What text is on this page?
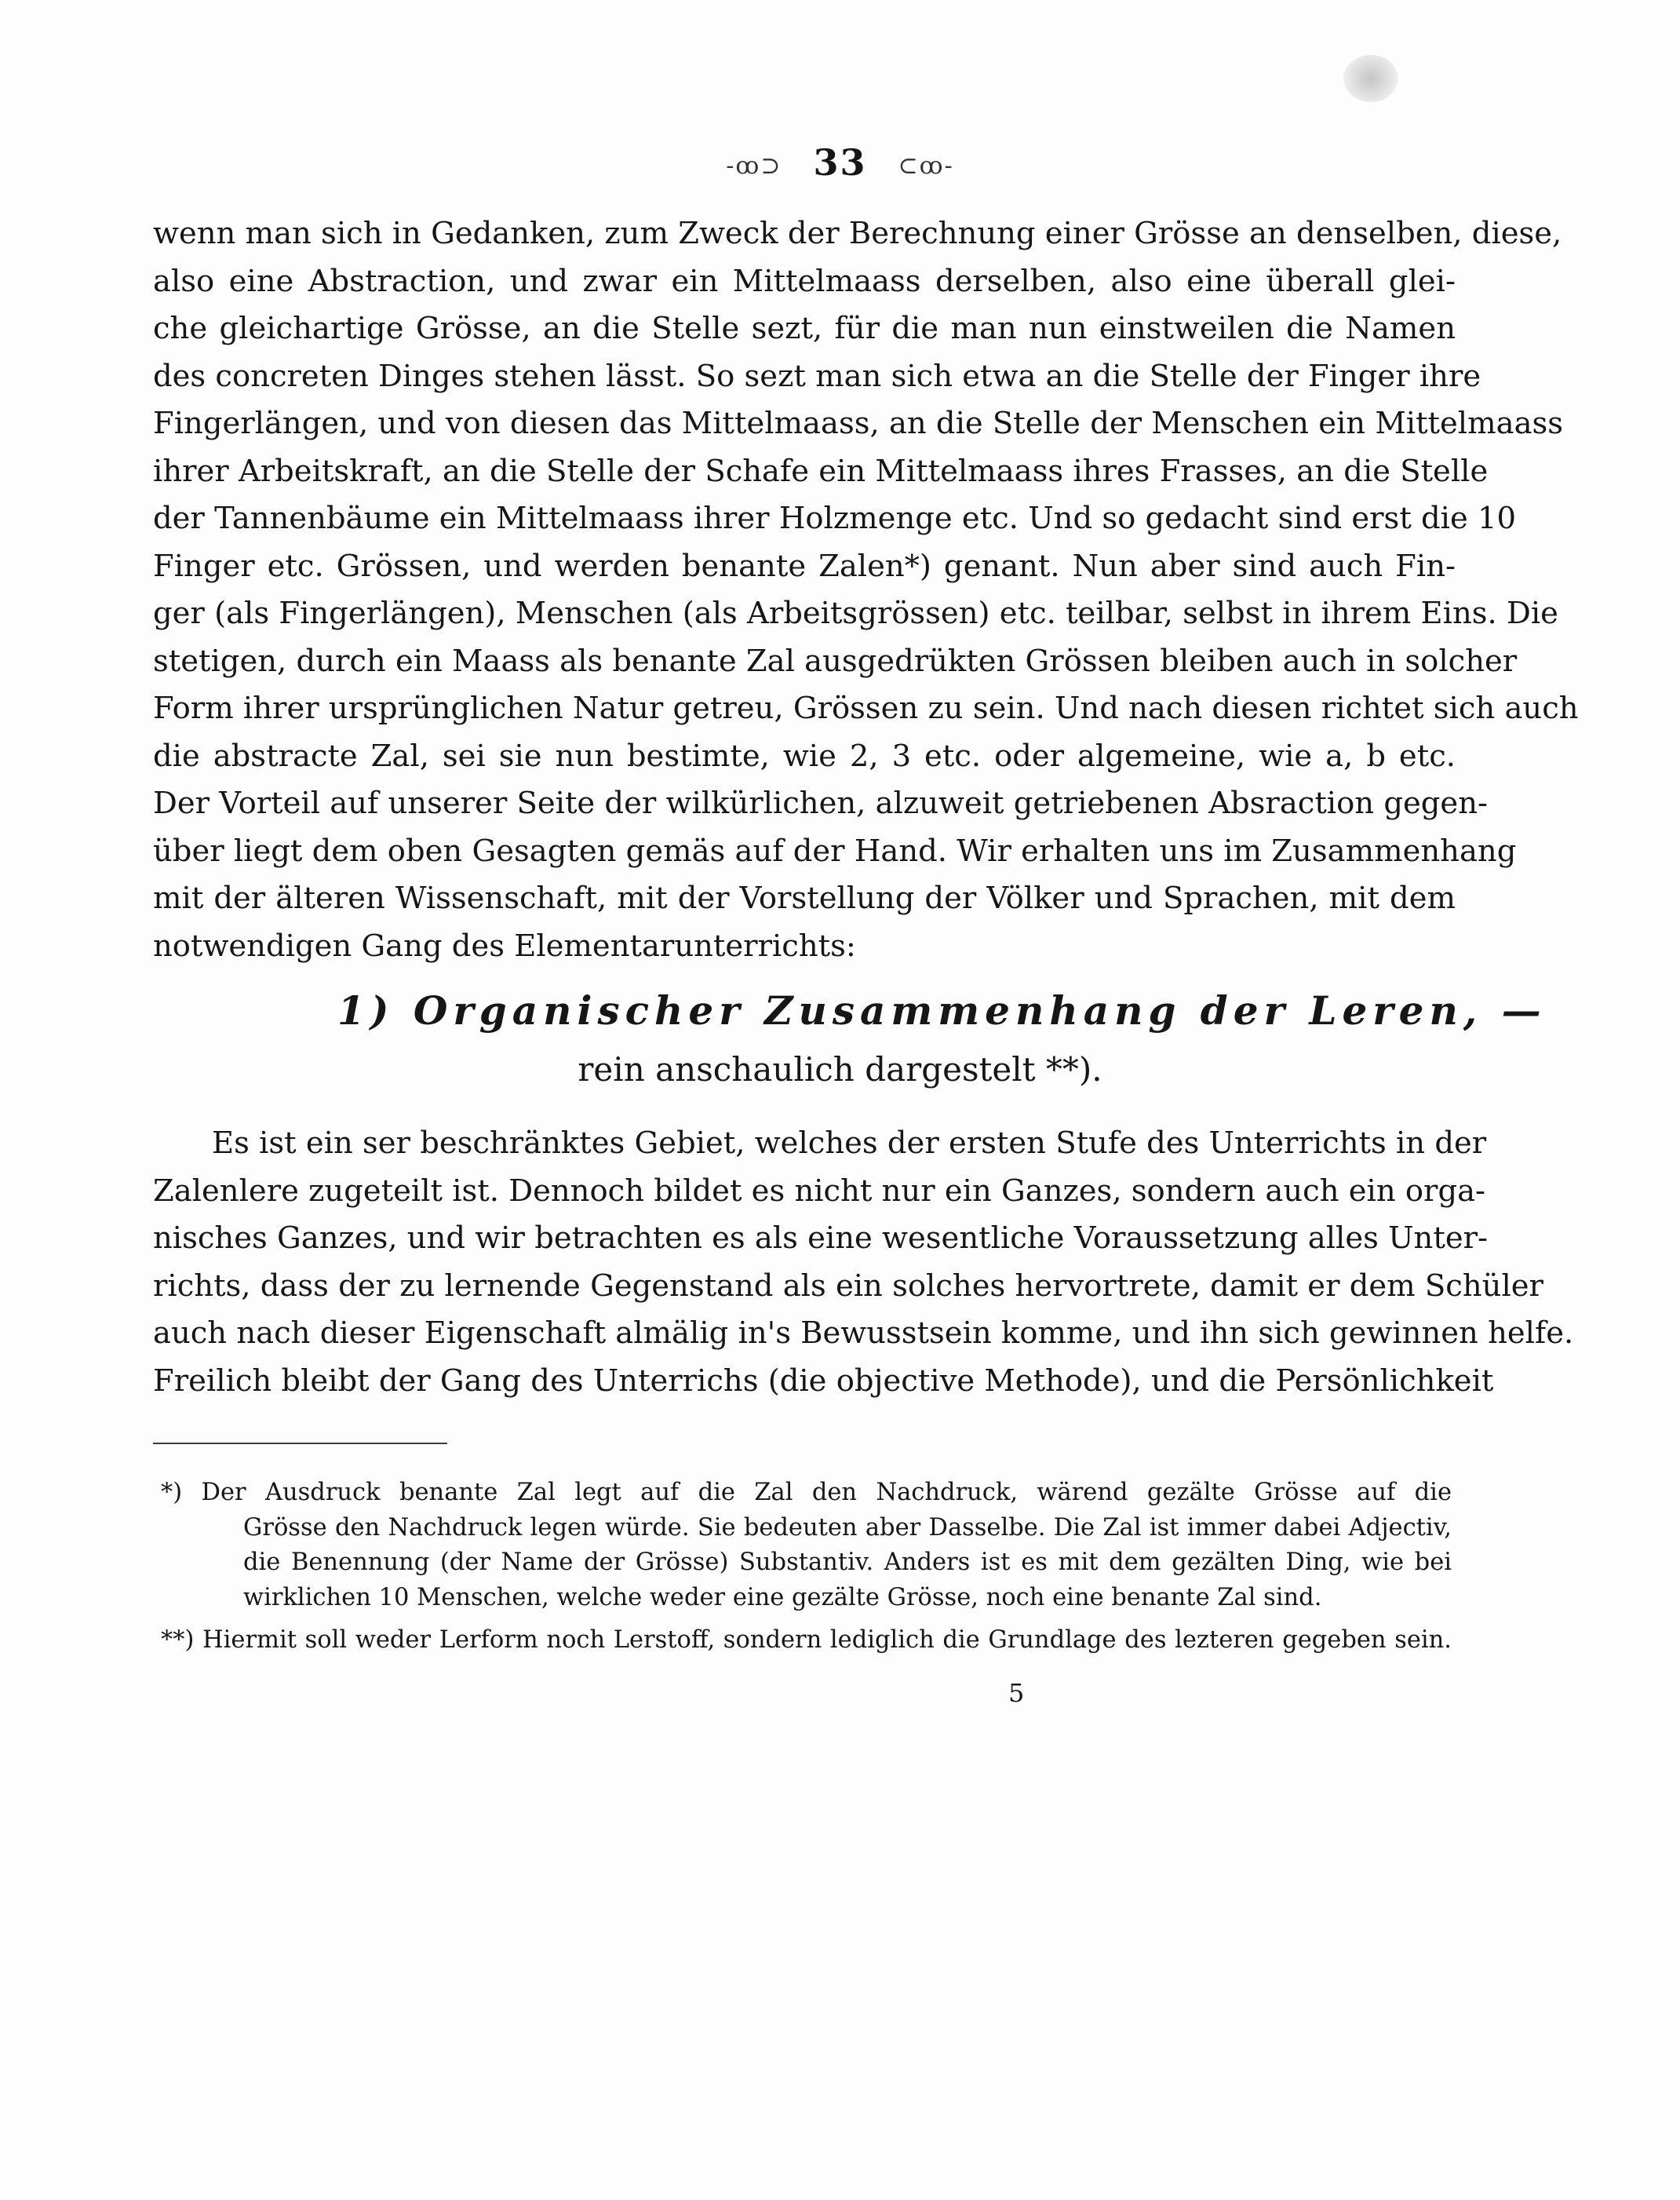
-ꝏ⊃ 33 ⊂ꝏ-
wenn man sich in Gedanken, zum Zweck der Berechnung einer Grösse an denselben, diese,
also eine Abstraction, und zwar ein Mittelmaass derselben, also eine überall glei-
che gleichartige Grösse, an die Stelle sezt, für die man nun einstweilen die Namen
des concreten Dinges stehen lässt. So sezt man sich etwa an die Stelle der Finger ihre
Fingerlängen, und von diesen das Mittelmaass, an die Stelle der Menschen ein Mittelmaass
ihrer Arbeitskraft, an die Stelle der Schafe ein Mittelmaass ihres Frasses, an die Stelle
der Tannenbäume ein Mittelmaass ihrer Holzmenge etc. Und so gedacht sind erst die 10
Finger etc. Grössen, und werden benante Zalen*) genant. Nun aber sind auch Fin-
ger (als Fingerlängen), Menschen (als Arbeitsgrössen) etc. teilbar, selbst in ihrem Eins. Die
stetigen, durch ein Maass als benante Zal ausgedrükten Grössen bleiben auch in solcher
Form ihrer ursprünglichen Natur getreu, Grössen zu sein. Und nach diesen richtet sich auch
die abstracte Zal, sei sie nun bestimte, wie 2, 3 etc. oder algemeine, wie a, b etc.
Der Vorteil auf unserer Seite der wilkürlichen, alzuweit getriebenen Absraction gegen-
über liegt dem oben Gesagten gemäs auf der Hand. Wir erhalten uns im Zusammenhang
mit der älteren Wissenschaft, mit der Vorstellung der Völker und Sprachen, mit dem
notwendigen Gang des Elementarunterrichts:
1) Organischer Zusammenhang der Leren, —
rein anschaulich dargestelt **).
Es ist ein ser beschränktes Gebiet, welches der ersten Stufe des Unterrichts in der
Zalenlere zugeteilt ist. Dennoch bildet es nicht nur ein Ganzes, sondern auch ein orga-
nisches Ganzes, und wir betrachten es als eine wesentliche Voraussetzung alles Unter-
richts, dass der zu lernende Gegenstand als ein solches hervortrete, damit er dem Schüler
auch nach dieser Eigenschaft almälig in's Bewusstsein komme, und ihn sich gewinnen helfe.
Freilich bleibt der Gang des Unterrichs (die objective Methode), und die Persönlichkeit
*) Der Ausdruck benante Zal legt auf die Zal den Nachdruck, wärend gezälte Grösse auf die
Grösse den Nachdruck legen würde. Sie bedeuten aber Dasselbe. Die Zal ist immer dabei Adjectiv,
die Benennung (der Name der Grösse) Substantiv. Anders ist es mit dem gezälten Ding, wie bei
wirklichen 10 Menschen, welche weder eine gezälte Grösse, noch eine benante Zal sind.
**) Hiermit soll weder Lerform noch Lerstoff, sondern lediglich die Grundlage des lezteren gegeben sein.
5
